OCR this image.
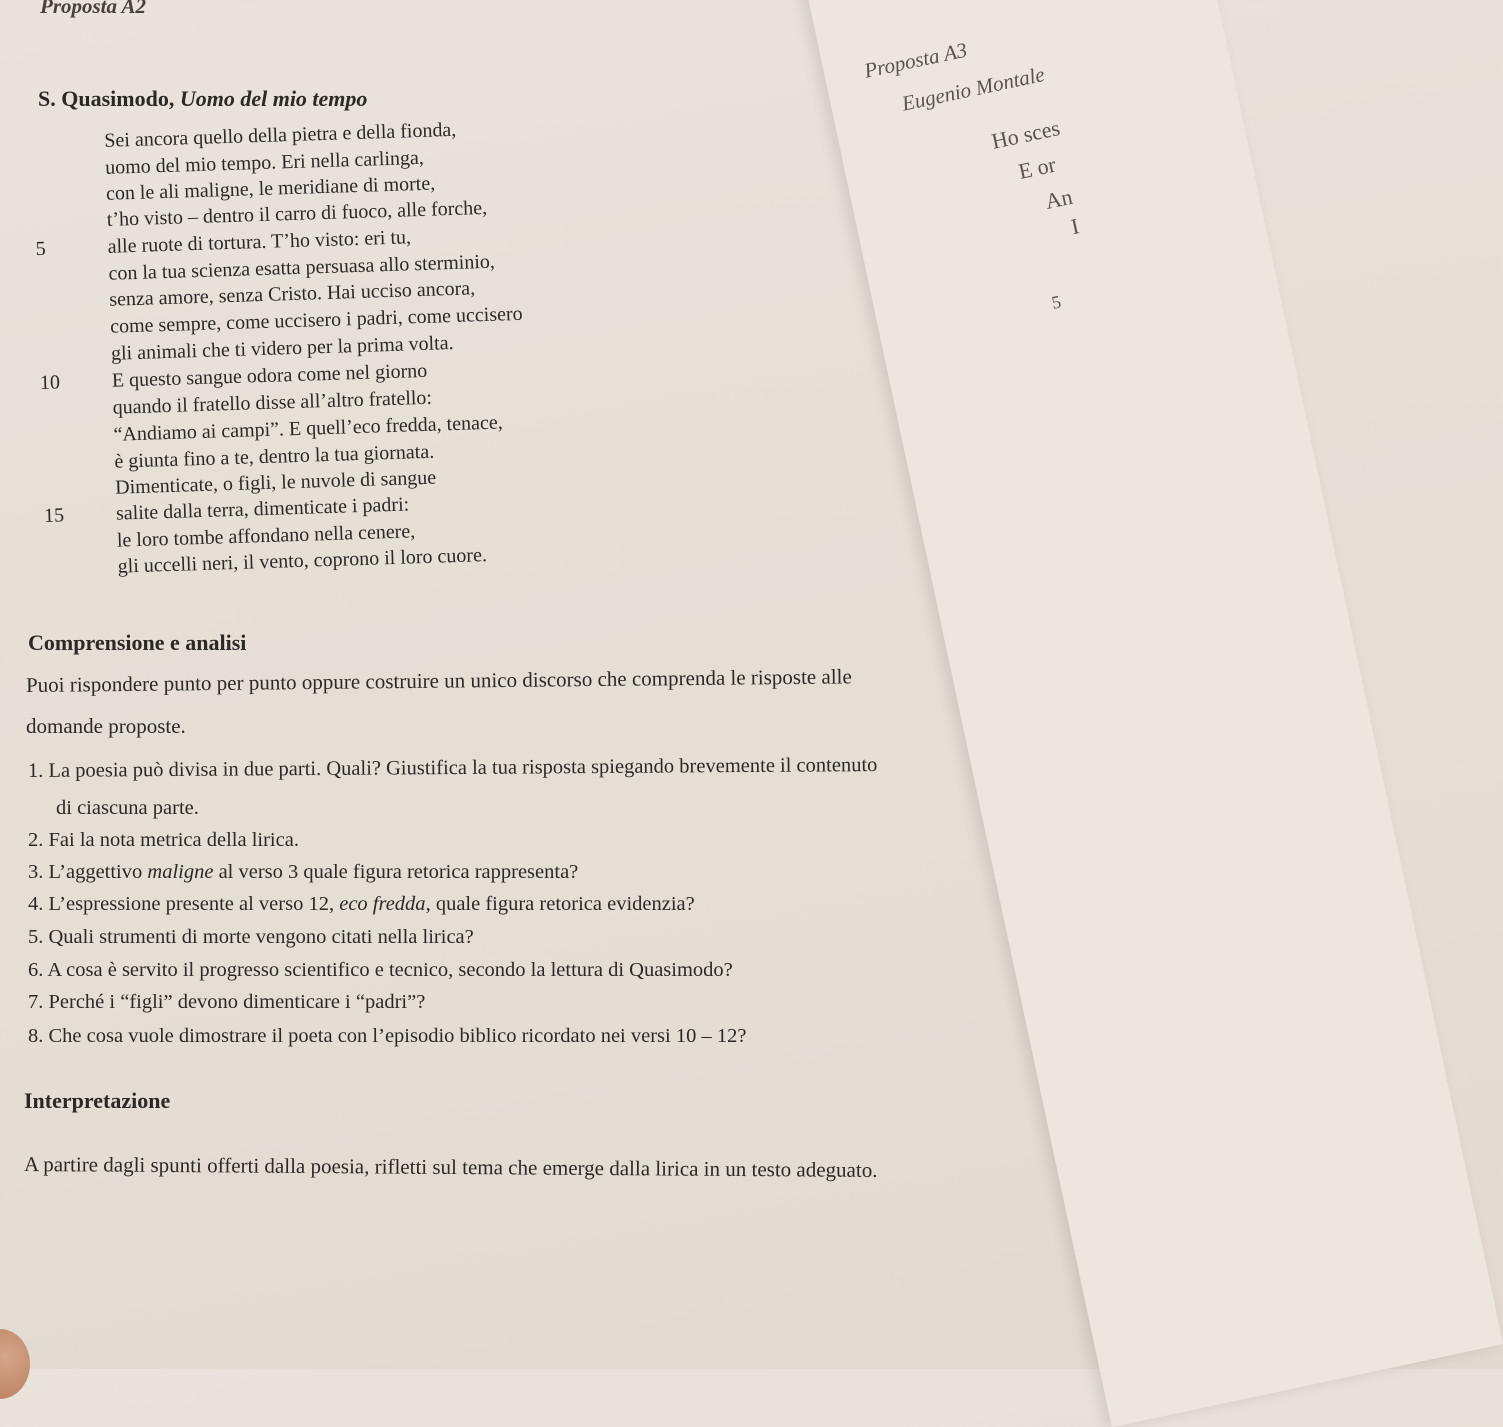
Proposta A3
Eugenio Montale
Ho sces
E or
An
I
5
Proposta A2
S. Quasimodo, Uomo del mio tempo
Sei ancora quello della pietra e della fionda,
uomo del mio tempo. Eri nella carlinga,
con le ali maligne, le meridiane di morte,
t’ho visto – dentro il carro di fuoco, alle forche,
5	alle ruote di tortura. T’ho visto: eri tu,
con la tua scienza esatta persuasa allo sterminio,
senza amore, senza Cristo. Hai ucciso ancora,
come sempre, come uccisero i padri, come uccisero
gli animali che ti videro per la prima volta.
10	E questo sangue odora come nel giorno
quando il fratello disse all’altro fratello:
“Andiamo ai campi”. E quell’eco fredda, tenace,
è giunta fino a te, dentro la tua giornata.
Dimenticate, o figli, le nuvole di sangue
15	salite dalla terra, dimenticate i padri:
le loro tombe affondano nella cenere,
gli uccelli neri, il vento, coprono il loro cuore.
Comprensione e analisi
Puoi rispondere punto per punto oppure costruire un unico discorso che comprenda le risposte alle
domande proposte.
1. La poesia può divisa in due parti. Quali? Giustifica la tua risposta spiegando brevemente il contenuto
di ciascuna parte.
2. Fai la nota metrica della lirica.
3. L’aggettivo maligne al verso 3 quale figura retorica rappresenta?
4. L’espressione presente al verso 12, eco fredda, quale figura retorica evidenzia?
5. Quali strumenti di morte vengono citati nella lirica?
6. A cosa è servito il progresso scientifico e tecnico, secondo la lettura di Quasimodo?
7. Perché i “figli” devono dimenticare i “padri”?
8. Che cosa vuole dimostrare il poeta con l’episodio biblico ricordato nei versi 10 – 12?
Interpretazione
A partire dagli spunti offerti dalla poesia, rifletti sul tema che emerge dalla lirica in un testo adeguato.
